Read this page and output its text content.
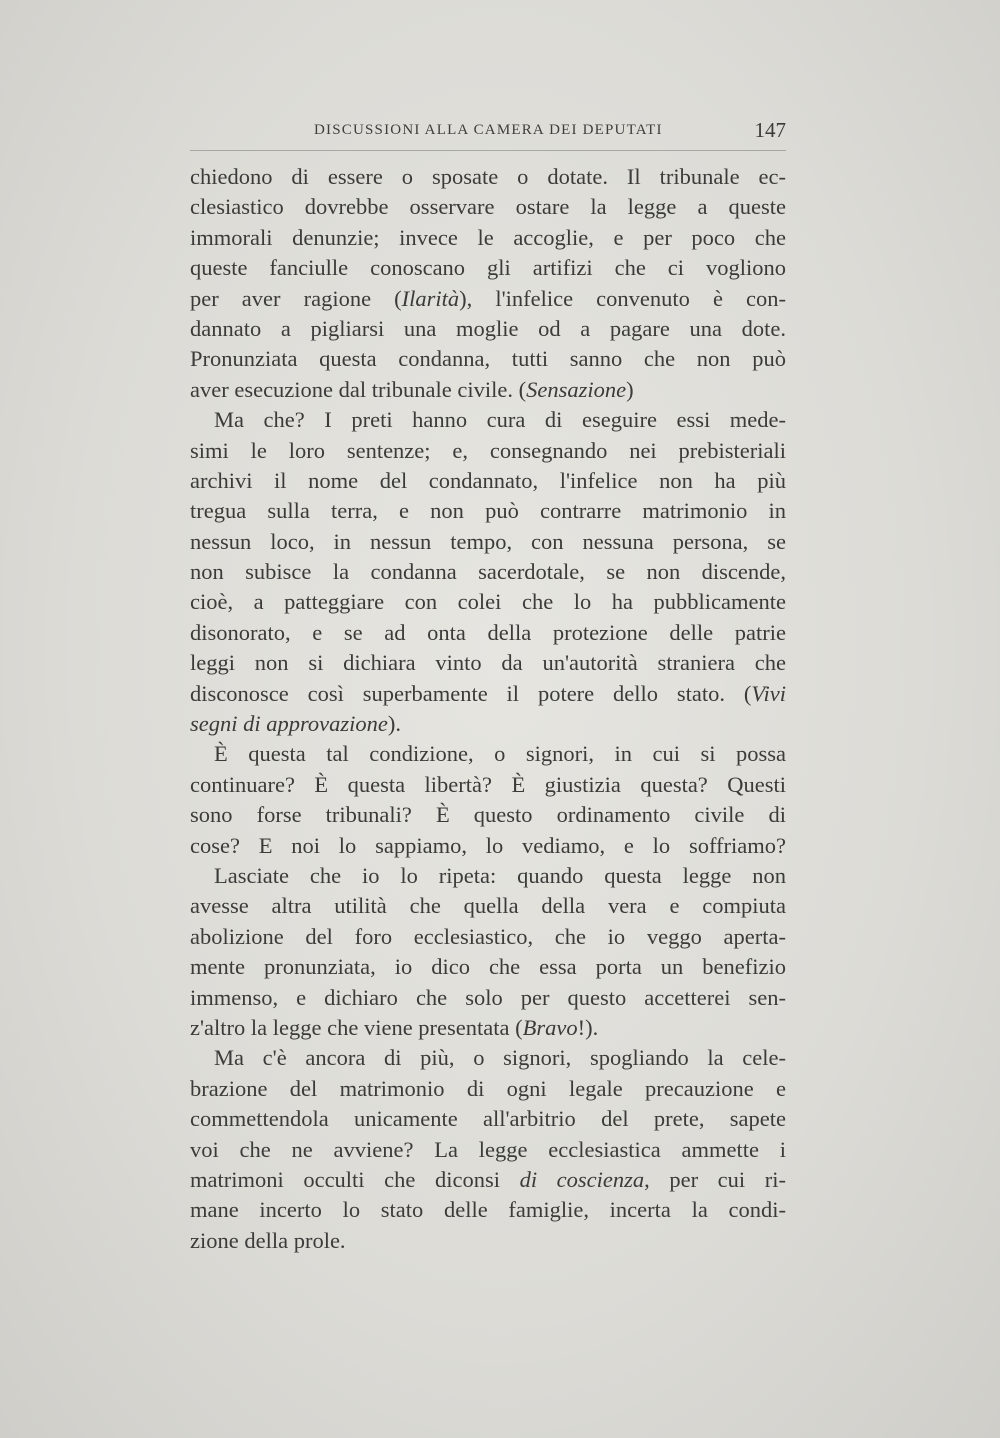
DISCUSSIONI ALLA CAMERA DEI DEPUTATI	147
chiedono di essere o sposate o dotate. Il tribunale ec-
clesiastico dovrebbe osservare ostare la legge a queste
immorali denunzie; invece le accoglie, e per poco che
queste fanciulle conoscano gli artifizi che ci vogliono
per aver ragione (Ilarità), l'infelice convenuto è con-
dannato a pigliarsi una moglie od a pagare una dote.
Pronunziata questa condanna, tutti sanno che non può
aver esecuzione dal tribunale civile. (Sensazione)
Ma che? I preti hanno cura di eseguire essi mede-
simi le loro sentenze; e, consegnando nei prebisteriali
archivi il nome del condannato, l'infelice non ha più
tregua sulla terra, e non può contrarre matrimonio in
nessun loco, in nessun tempo, con nessuna persona, se
non subisce la condanna sacerdotale, se non discende,
cioè, a patteggiare con colei che lo ha pubblicamente
disonorato, e se ad onta della protezione delle patrie
leggi non si dichiara vinto da un'autorità straniera che
disconosce così superbamente il potere dello stato. (Vivi
segni di approvazione).
È questa tal condizione, o signori, in cui si possa
continuare? È questa libertà? È giustizia questa? Questi
sono forse tribunali? È questo ordinamento civile di
cose? E noi lo sappiamo, lo vediamo, e lo soffriamo?
Lasciate che io lo ripeta: quando questa legge non
avesse altra utilità che quella della vera e compiuta
abolizione del foro ecclesiastico, che io veggo aperta-
mente pronunziata, io dico che essa porta un benefizio
immenso, e dichiaro che solo per questo accetterei sen-
z'altro la legge che viene presentata (Bravo!).
Ma c'è ancora di più, o signori, spogliando la cele-
brazione del matrimonio di ogni legale precauzione e
commettendola unicamente all'arbitrio del prete, sapete
voi che ne avviene? La legge ecclesiastica ammette i
matrimoni occulti che diconsi di coscienza, per cui ri-
mane incerto lo stato delle famiglie, incerta la condi-
zione della prole.
